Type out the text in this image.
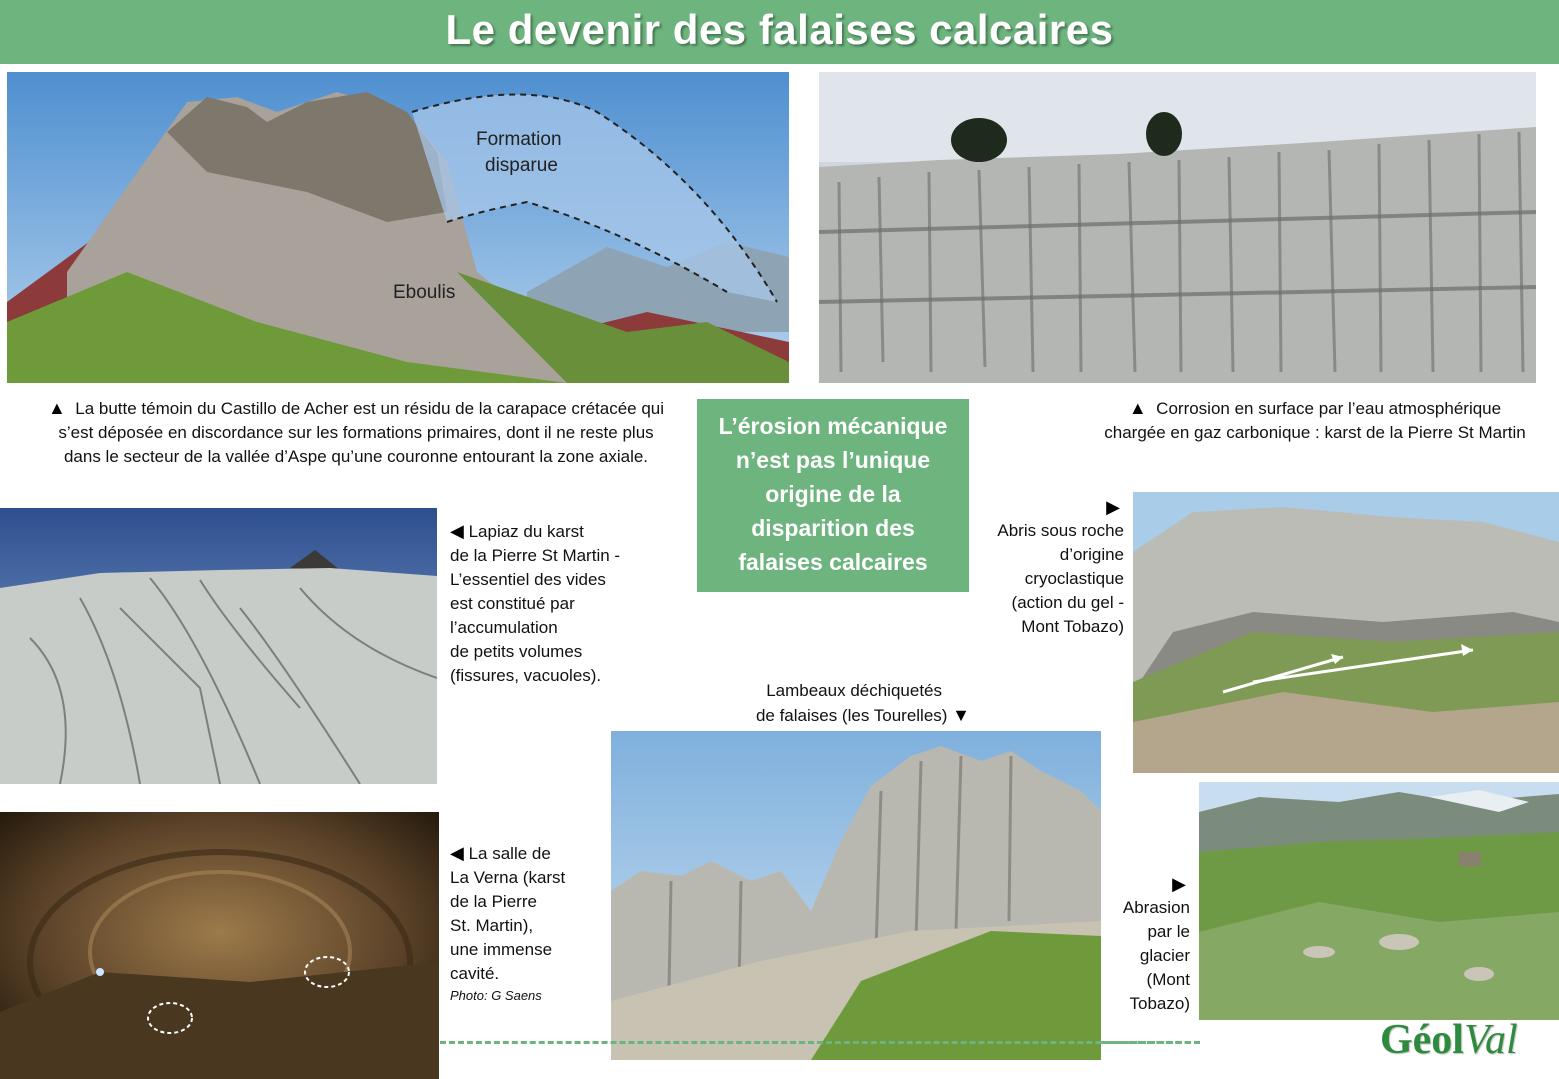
Le devenir des falaises calcaires
Formation
disparue
Eboulis
▲ La butte témoin du Castillo de Acher est un résidu de la carapace crétacée qui
s’est déposée en discordance sur les formations primaires, dont il ne reste plus
dans le secteur de la vallée d’Aspe qu’une couronne entourant la zone axiale.
L’érosion mécanique
n’est pas l’unique
origine de la
disparition des
falaises calcaires
▲ Corrosion en surface par l’eau atmosphérique
chargée en gaz carbonique : karst de la Pierre St Martin
◀ Lapiaz du karst
de la Pierre St Martin -
L’essentiel des vides
est constitué par
l’accumulation
de petits volumes
(fissures, vacuoles).
▶
Abris sous roche
d’origine
cryoclastique
(action du gel -
Mont Tobazo)
Lambeaux déchiquetés
de falaises (les Tourelles) ▼
◀ La salle de
La Verna (karst
de la Pierre
St. Martin),
une immense
cavité.
Photo: G Saens
▶
Abrasion
par le
glacier
(Mont
Tobazo)
GéolVal
